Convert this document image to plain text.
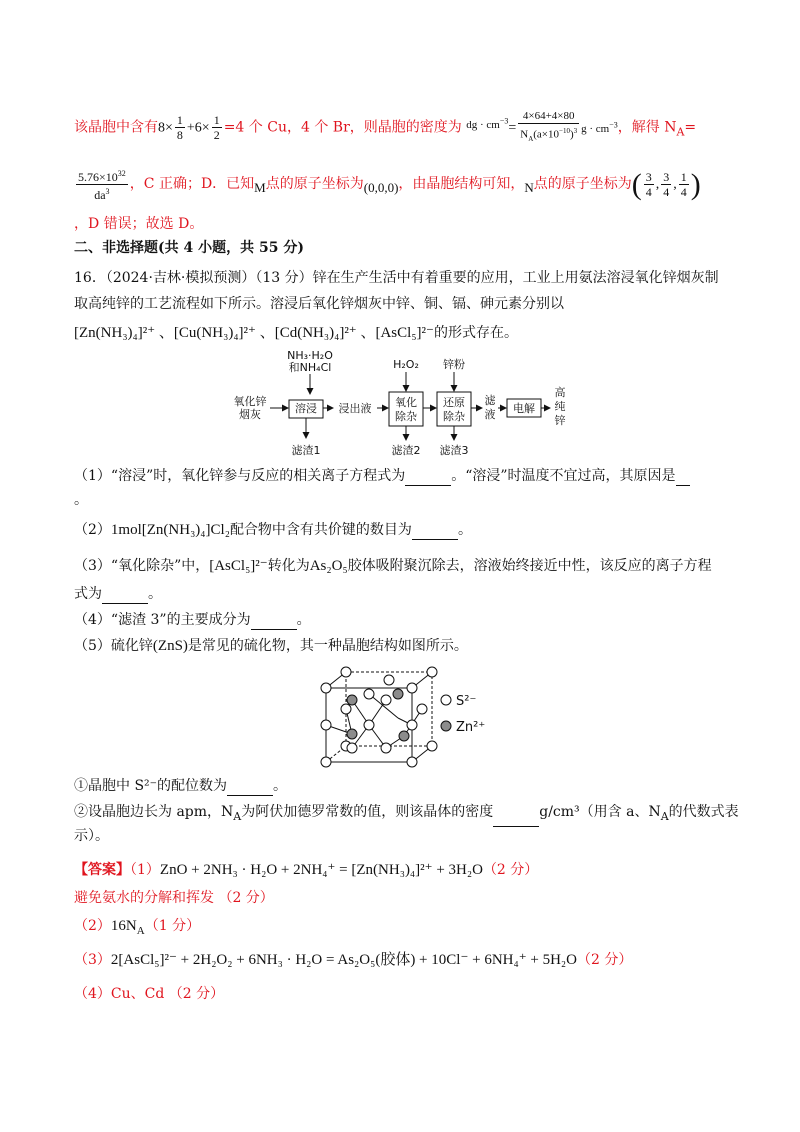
该晶胞中含有$8\times \frac{1}{8} +6\times \frac{1}{2} =4$ 个 Cu，4 个 Br，则晶胞的密度为 $^{dg \cdot cm^{-3}}= \frac{4\times 64+4\times 80}{N_A(a\times 10^{-10})^3}$ $g \cdot cm^{-3}$，解得 $N_A=$
$\frac{5.76\times 10^{32}}{da^3}$ ，C 正确；D．已知$_M$点的原子坐标为(0,0,0)，由晶胞结构可知，$_N$点的原子坐标为( $\frac{3}{4}$ , $\frac{3}{4}$ , $\frac{1}{4}$ )
，D 错误；故选 D。
二、非选择题(共 4 小题，共 55 分)
16．（2024·吉林·模拟预测）（13 分）锌在生产生活中有着重要的应用，工业上用氨法溶浸氧化锌烟灰制
取高纯锌的工艺流程如下所示。溶浸后氧化锌烟灰中锌、铜、镉、砷元素分别以
[Zn(NH₃)₄]²⁺ 、[Cu(NH₃)₄]²⁺ 、[Cd(NH₃)₄]²⁺ 、[AsCl₅]²⁻的形式存在。
NH₃·H₂O
和NH₄Cl	H₂O₂ 锌粉
氧化锌
烟灰	溶浸 浸出液 氧化
除杂
还原
除杂
滤
液 电解
高
纯
锌
滤渣1	滤渣2 滤渣3
（1）“溶浸”时，氧化锌参与反应的相关离子方程式为	。“溶浸”时温度不宜过高，其原因是
。
（2）1mol[Zn(NH₃)₄]Cl₂配合物中含有共价键的数目为	。
（3）“氧化除杂”中，[AsCl₅]²⁻转化为As₂O₅胶体吸附聚沉除去，溶液始终接近中性，该反应的离子方程
式为	。
（4）“滤渣 3”的主要成分为	。
（5）硫化锌(ZnS)是常见的硫化物，其一种晶胞结构如图所示。
S²⁻
Zn²⁺
①晶胞中 S²⁻的配位数为	。
②设晶胞边长为 apm，$N_A$为阿伏加德罗常数的值，则该晶体的密度	g/cm³（用含 a、$N_A$的代数式表
示）。
【答案】（1）ZnO + 2NH₃ · H₂O + 2NH₄⁺ = [Zn(NH₃)₄]²⁺ + 3H₂O（2 分）
避免氨水的分解和挥发 （2 分）
$(2)16N_A(1$ 分）
（3）2[AsCl₅]²⁻ + 2H₂O₂ + 6NH₃ · H₂O = As₂O₅(胶体) + 10Cl⁻ + 6NH₄⁺ + 5H₂O（2 分）
（4）Cu、Cd （2 分）
